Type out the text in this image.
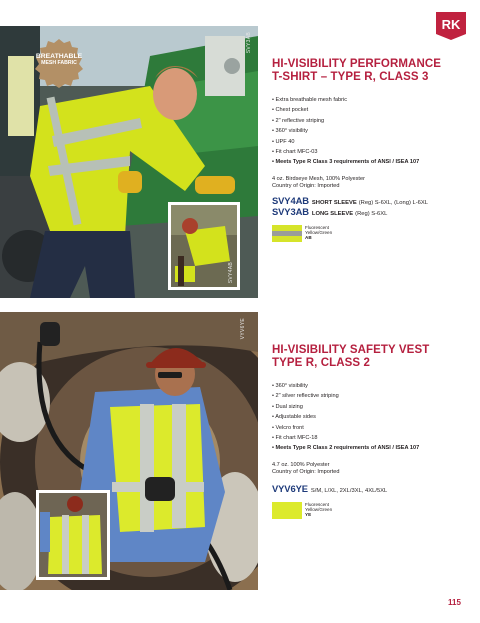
RK
BREATHABLE
MESH FABRIC
SVY3AB
SVY4AB
VYV6YE
HI-VISIBILITY PERFORMANCE
T-SHIRT – TYPE R, CLASS 3
• Extra breathable mesh fabric
• Chest pocket
• 2" reflective striping
• 360° visibility
• UPF 40
• Fit chart MFC-03
• Meets Type R Class 3 requirements of ANSI / ISEA 107
4 oz. Birdseye Mesh, 100% Polyester
Country of Origin: Imported
SVY4AB SHORT SLEEVE (Reg) S-6XL, (Long) L-6XL
SVY3AB LONG SLEEVE (Reg) S-6XL
Fluorescent
Yellow/Green
AB
HI-VISIBILITY SAFETY VEST
TYPE R, CLASS 2
• 360° visibility
• 2" silver reflective striping
• Dual sizing
• Adjustable sides
• Velcro front
• Fit chart MFC-18
• Meets Type R Class 2 requirements of ANSI / ISEA 107
4.7 oz. 100% Polyester
Country of Origin: Imported
VYV6YE S/M, L/XL, 2XL/3XL, 4XL/5XL
Fluorescent
Yellow/Green
YE
115
